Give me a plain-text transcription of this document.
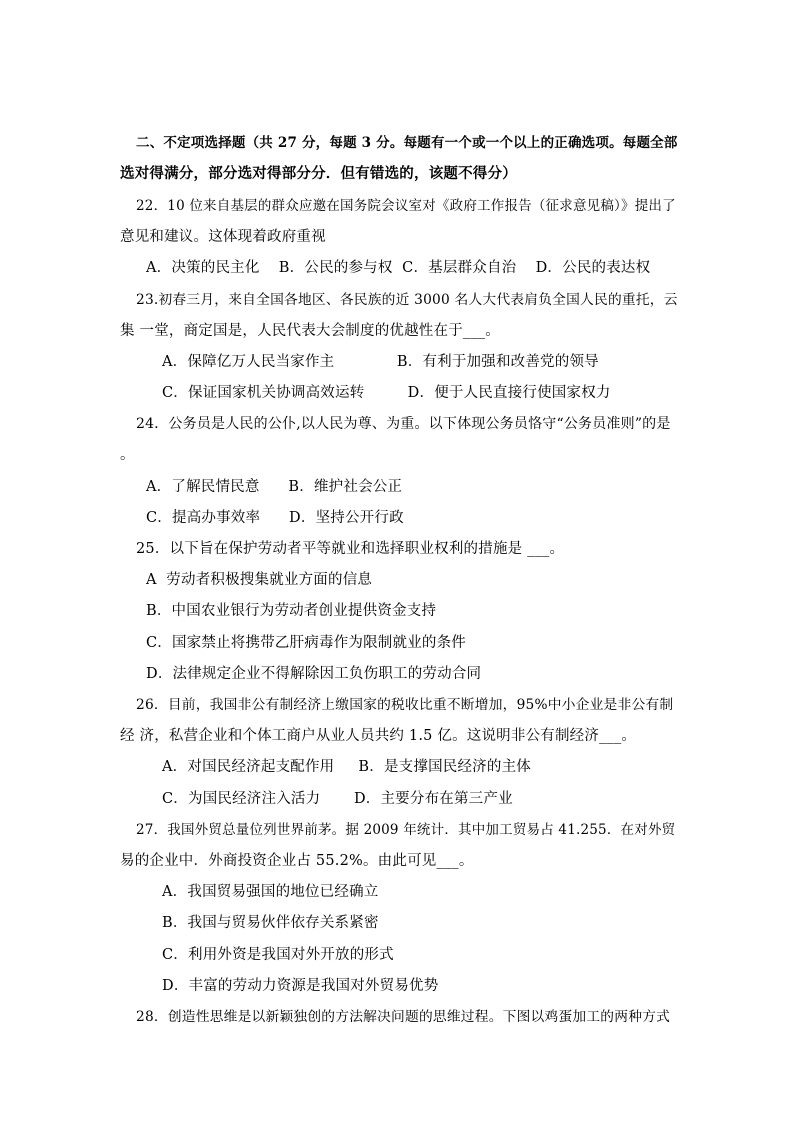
二、不定项选择题（共 27 分，每题 3 分。每题有一个或一个以上的正确选项。每题全部
选对得满分，部分选对得部分分．但有错选的，该题不得分）
22．10 位来自基层的群众应邀在国务院会议室对《政府工作报告（征求意见稿）》提出了
意见和建议。这体现着政府重视
A．决策的民主化    B．公民的参与权  C．基层群众自治    D．公民的表达权
23.初春三月，来自全国各地区、各民族的近 3000 名人大代表肩负全国人民的重托，云
集 一堂，商定国是，人民代表大会制度的优越性在于___。
A．保障亿万人民当家作主             B．有利于加强和改善党的领导
C．保证国家机关协调高效运转         D．便于人民直接行使国家权力
24．公务员是人民的公仆,以人民为尊、为重。以下体现公务员恪守“公务员准则”的是
。
A．了解民情民意      B．维护社会公正
C．提高办事效率      D．坚持公开行政
25．以下旨在保护劳动者平等就业和选择职业权利的措施是 ___。
A  劳动者积极搜集就业方面的信息
B．中国农业银行为劳动者创业提供资金支持
C．国家禁止将携带乙肝病毒作为限制就业的条件
D．法律规定企业不得解除因工负伤职工的劳动合同
26．目前，我国非公有制经济上缴国家的税收比重不断增加，95%中小企业是非公有制
经 济，私营企业和个体工商户从业人员共约 1.5 亿。这说明非公有制经济___。
A．对国民经济起支配作用     B．是支撑国民经济的主体
C．为国民经济注入活力       D．主要分布在第三产业
27．我国外贸总量位列世界前茅。据 2009 年统计．其中加工贸易占 41.255．在对外贸
易的企业中．外商投资企业占 55.2%。由此可见___。
A．我国贸易强国的地位已经确立
B．我国与贸易伙伴依存关系紧密
C．利用外资是我国对外开放的形式
D．丰富的劳动力资源是我国对外贸易优势
28．创造性思维是以新颖独创的方法解决问题的思维过程。下图以鸡蛋加工的两种方式
